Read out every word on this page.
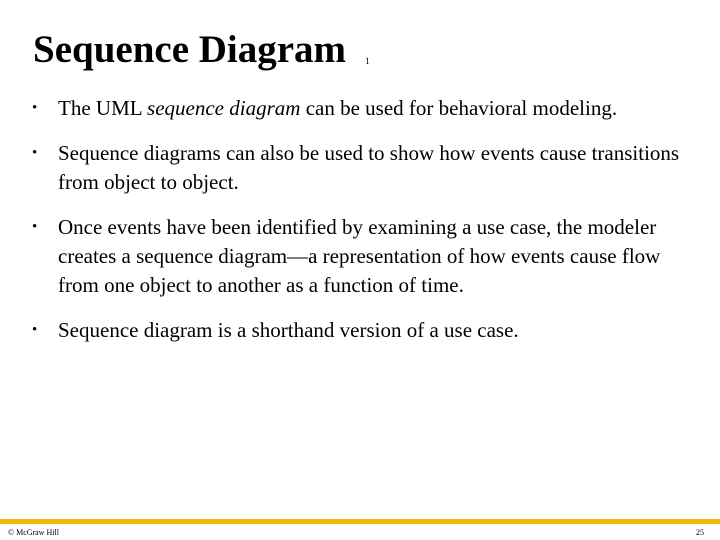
Sequence Diagram 1
• The UML sequence diagram can be used for behavioral modeling.
• Sequence diagrams can also be used to show how events cause transitions from object to object.
• Once events have been identified by examining a use case, the modeler creates a sequence diagram—a representation of how events cause flow from one object to another as a function of time.
• Sequence diagram is a shorthand version of a use case.
© McGraw Hill	25
